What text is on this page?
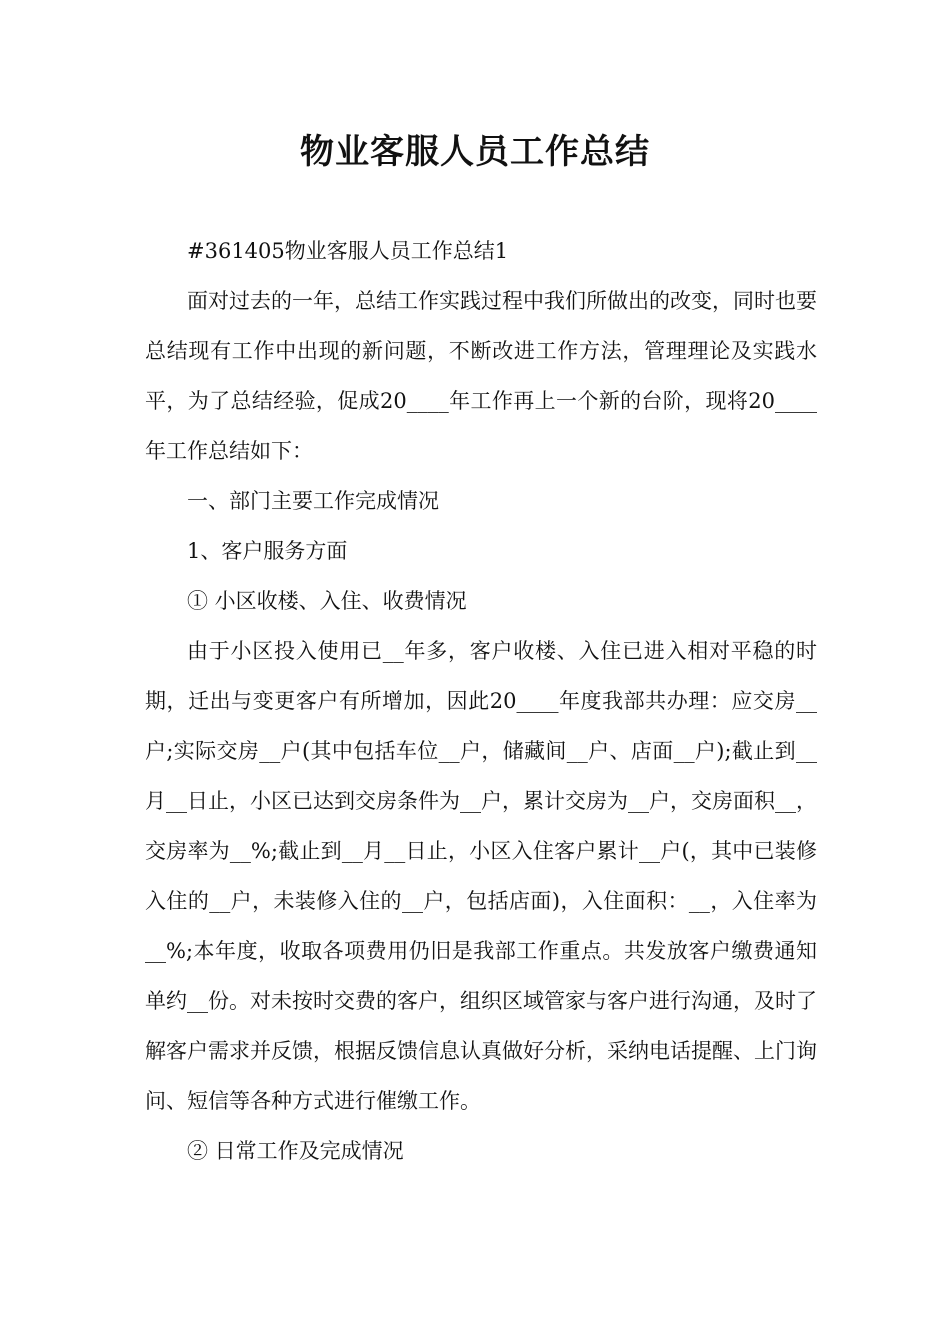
物业客服人员工作总结

#361405物业客服人员工作总结1

面对过去的一年，总结工作实践过程中我们所做出的改变，同时也要总结现有工作中出现的新问题，不断改进工作方法，管理理论及实践水平，为了总结经验，促成20____年工作再上一个新的台阶，现将20____年工作总结如下：

一、部门主要工作完成情况

1、客户服务方面

① 小区收楼、入住、收费情况

由于小区投入使用已__年多，客户收楼、入住已进入相对平稳的时期，迁出与变更客户有所增加，因此20____年度我部共办理：应交房__户;实际交房__户(其中包括车位__户，储藏间__户、店面__户);截止到__月__日止，小区已达到交房条件为__户，累计交房为__户，交房面积__，交房率为__%;截止到__月__日止，小区入住客户累计__户(，其中已装修入住的__户，未装修入住的__户，包括店面)，入住面积：__，入住率为__%;本年度，收取各项费用仍旧是我部工作重点。共发放客户缴费通知单约__份。对未按时交费的客户，组织区域管家与客户进行沟通，及时了解客户需求并反馈，根据反馈信息认真做好分析，采纳电话提醒、上门询问、短信等各种方式进行催缴工作。

② 日常工作及完成情况
